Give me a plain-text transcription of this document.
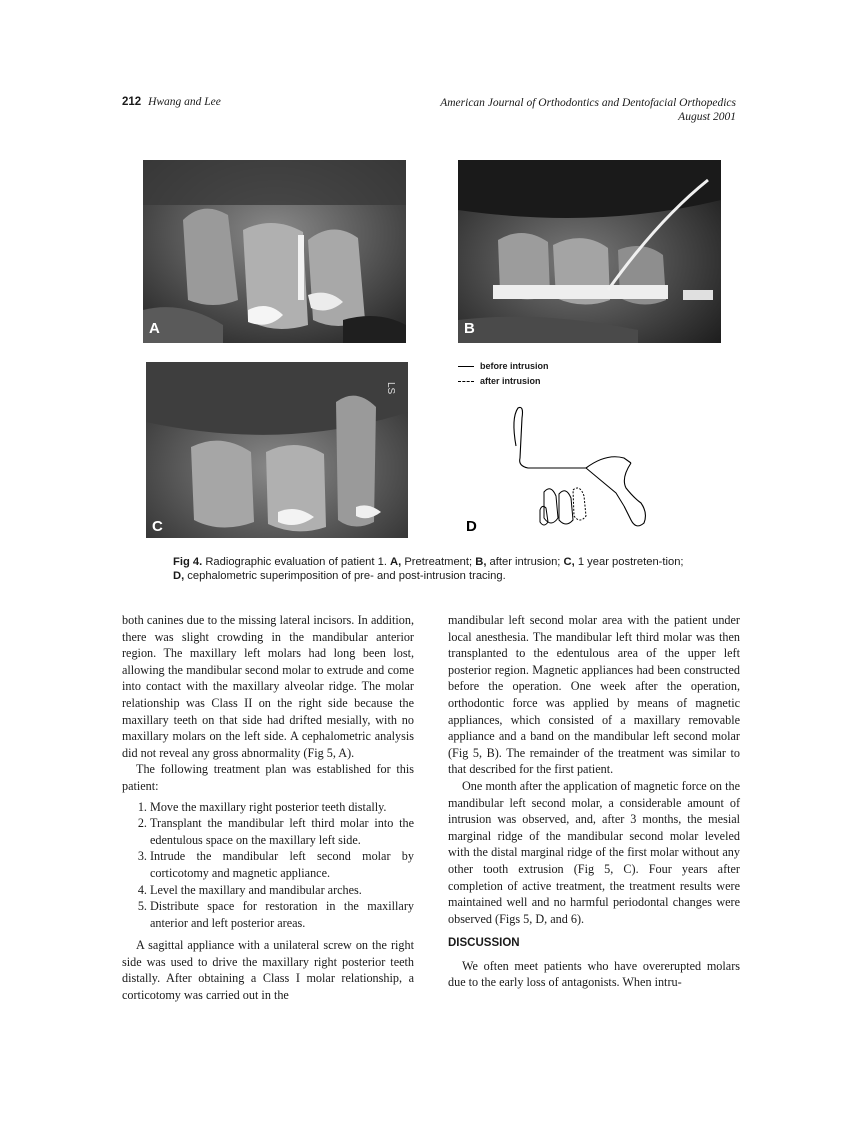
212 Hwang and Lee	American Journal of Orthodontics and Dentofacial Orthopedics
August 2001
A	B
LS
C
before intrusion
after intrusion
D
Fig 4. Radiographic evaluation of patient 1. A, Pretreatment; B, after intrusion; C, 1 year postreten-tion; D, cephalometric superimposition of pre- and post-intrusion tracing.

both canines due to the missing lateral incisors. In addition, there was slight crowding in the mandibular anterior region. The maxillary left molars had long been lost, allowing the mandibular second molar to extrude and come into contact with the maxillary alveolar ridge. The molar relationship was Class II on the right side because the maxillary teeth on that side had drifted mesially, with no maxillary molars on the left side. A cephalometric analysis did not reveal any gross abnormality (Fig 5, A).

The following treatment plan was established for this patient:

1. Move the maxillary right posterior teeth distally.
2. Transplant the mandibular left third molar into the edentulous space on the maxillary left side.
3. Intrude the mandibular left second molar by corticotomy and magnetic appliance.
4. Level the maxillary and mandibular arches.
5. Distribute space for restoration in the maxillary anterior and left posterior areas.

A sagittal appliance with a unilateral screw on the right side was used to drive the maxillary right posterior teeth distally. After obtaining a Class I molar relationship, a corticotomy was carried out in the

mandibular left second molar area with the patient under local anesthesia. The mandibular left third molar was then transplanted to the edentulous area of the upper left posterior region. Magnetic appliances had been constructed before the operation. One week after the operation, orthodontic force was applied by means of magnetic appliances, which consisted of a maxillary removable appliance and a band on the mandibular left second molar (Fig 5, B). The remainder of the treatment was similar to that described for the first patient.

One month after the application of magnetic force on the mandibular left second molar, a considerable amount of intrusion was observed, and, after 3 months, the mesial marginal ridge of the mandibular second molar leveled with the distal marginal ridge of the first molar without any other tooth extrusion (Fig 5, C). Four years after completion of active treatment, the treatment results were maintained well and no harmful periodontal changes were observed (Figs 5, D, and 6).

DISCUSSION

We often meet patients who have overerupted molars due to the early loss of antagonists. When intru-
